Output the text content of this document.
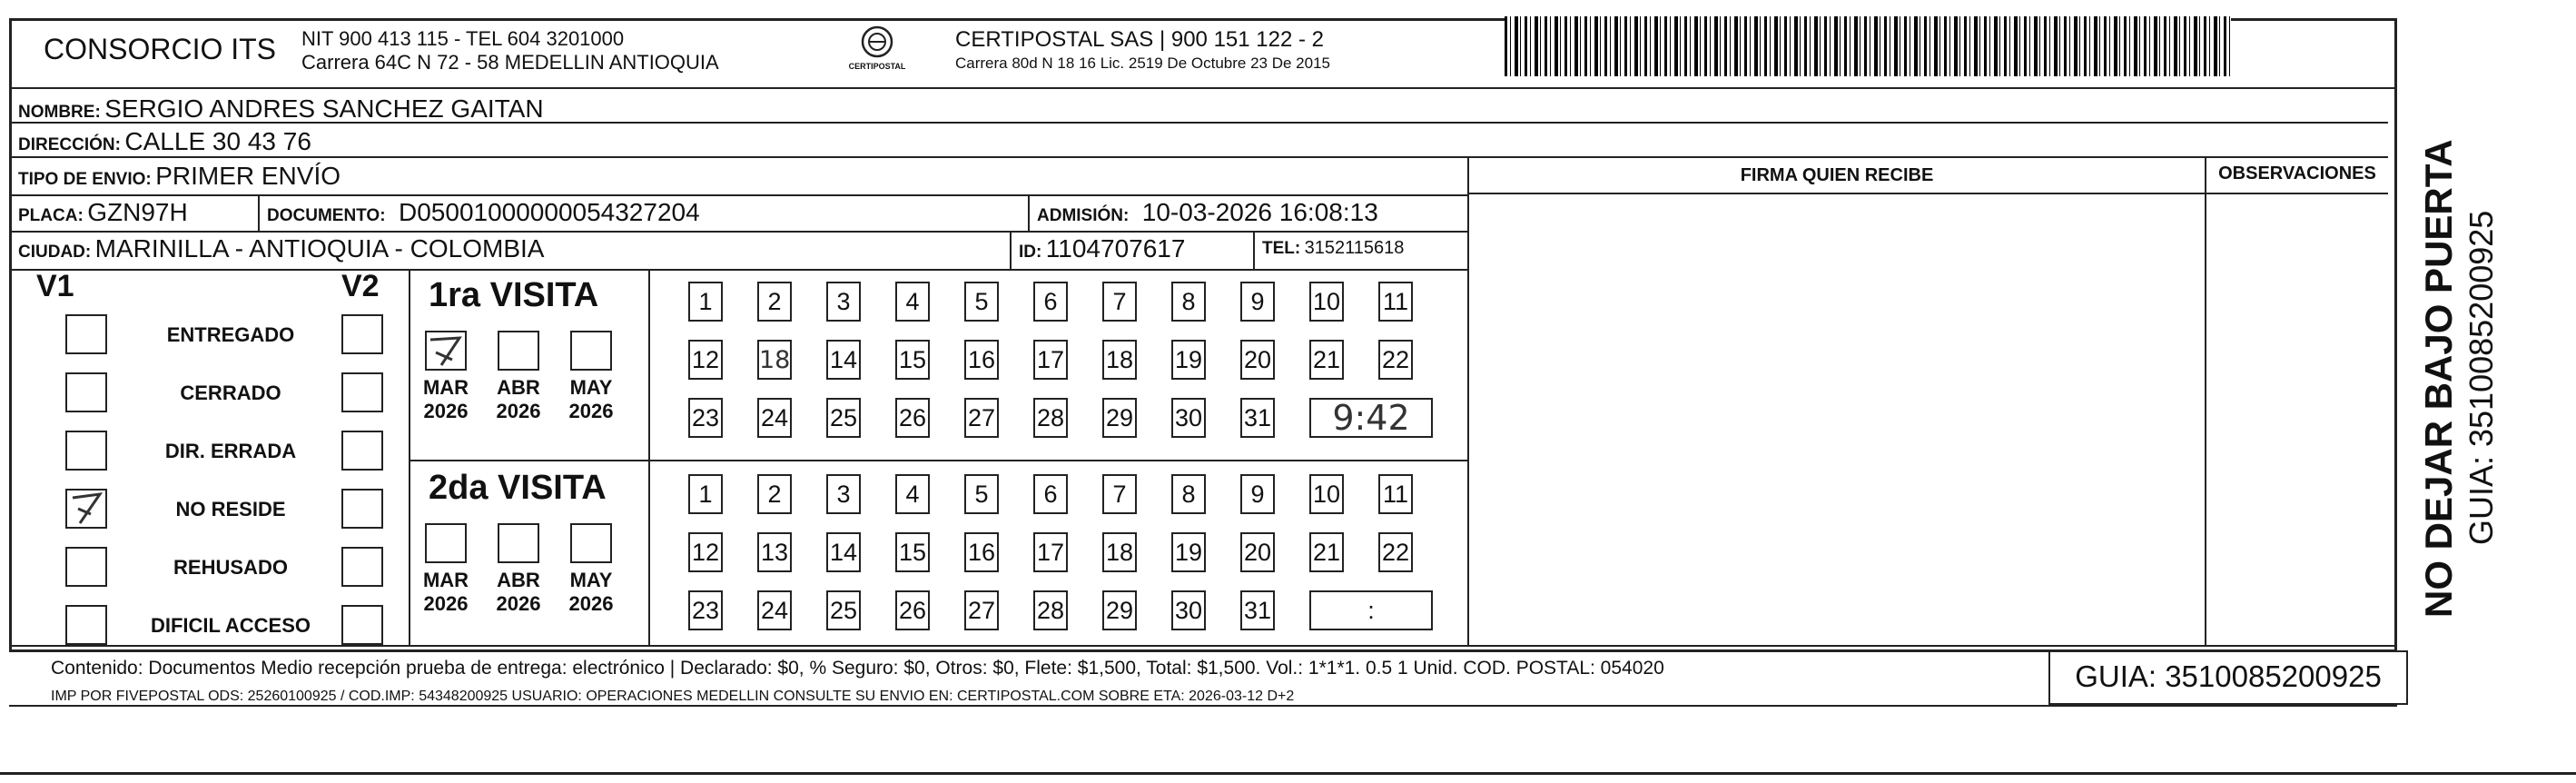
CONSORCIO ITS NIT 900 413 115 - TEL 604 3201000
Carrera 64C N 72 - 58 MEDELLIN ANTIOQUIA	CERTIPOSTAL
CERTIPOSTAL SAS | 900 151 122 - 2
Carrera 80d N 18 16 Lic. 2519 De Octubre 23 De 2015
NOMBRE: SERGIO ANDRES SANCHEZ GAITAN
DIRECCIÓN: CALLE 30 43 76
TIPO DE ENVIO: PRIMER ENVÍO
PLACA: GZN97H	DOCUMENTO: D05001000000054327204	ADMISIÓN: 10-03-2026 16:08:13
CIUDAD: MARINILLA - ANTIOQUIA - COLOMBIA	ID: 1104707617	TEL: 3152115618
FIRMA QUIEN RECIBE	OBSERVACIONES
V1	V2
ENTREGADO
CERRADO
DIR. ERRADA
NO RESIDE
REHUSADO
DIFICIL ACCESO
1ra VISITA
2da VISITA
MAR
2026
ABR
2026
MAY
2026
1	2	3	4	5	6	7	8	9	10 11
12 18 14 15 16 17 18 19 20 21 22
23 24 25 26 27 28 29 30 31	9:42
MAR
2026
ABR
2026
MAY
2026
1	2	3	4	5	6	7	8	9	10 11
12 13 14 15 16 17 18 19 20 21 22
23 24 25 26 27 28 29 30 31	:
Contenido: Documentos Medio recepción prueba de entrega: electrónico | Declarado: $0, % Seguro: $0, Otros: $0, Flete: $1,500, Total: $1,500. Vol.: 1*1*1. 0.5 1 Unid. COD. POSTAL: 054020
IMP POR FIVEPOSTAL ODS: 25260100925 / COD.IMP: 54348200925 USUARIO: OPERACIONES MEDELLIN CONSULTE SU ENVIO EN: CERTIPOSTAL.COM SOBRE ETA: 2026-03-12 D+2
GUIA: 3510085200925
NO DEJAR BAJO PUERTA GUIA: 3510085200925
